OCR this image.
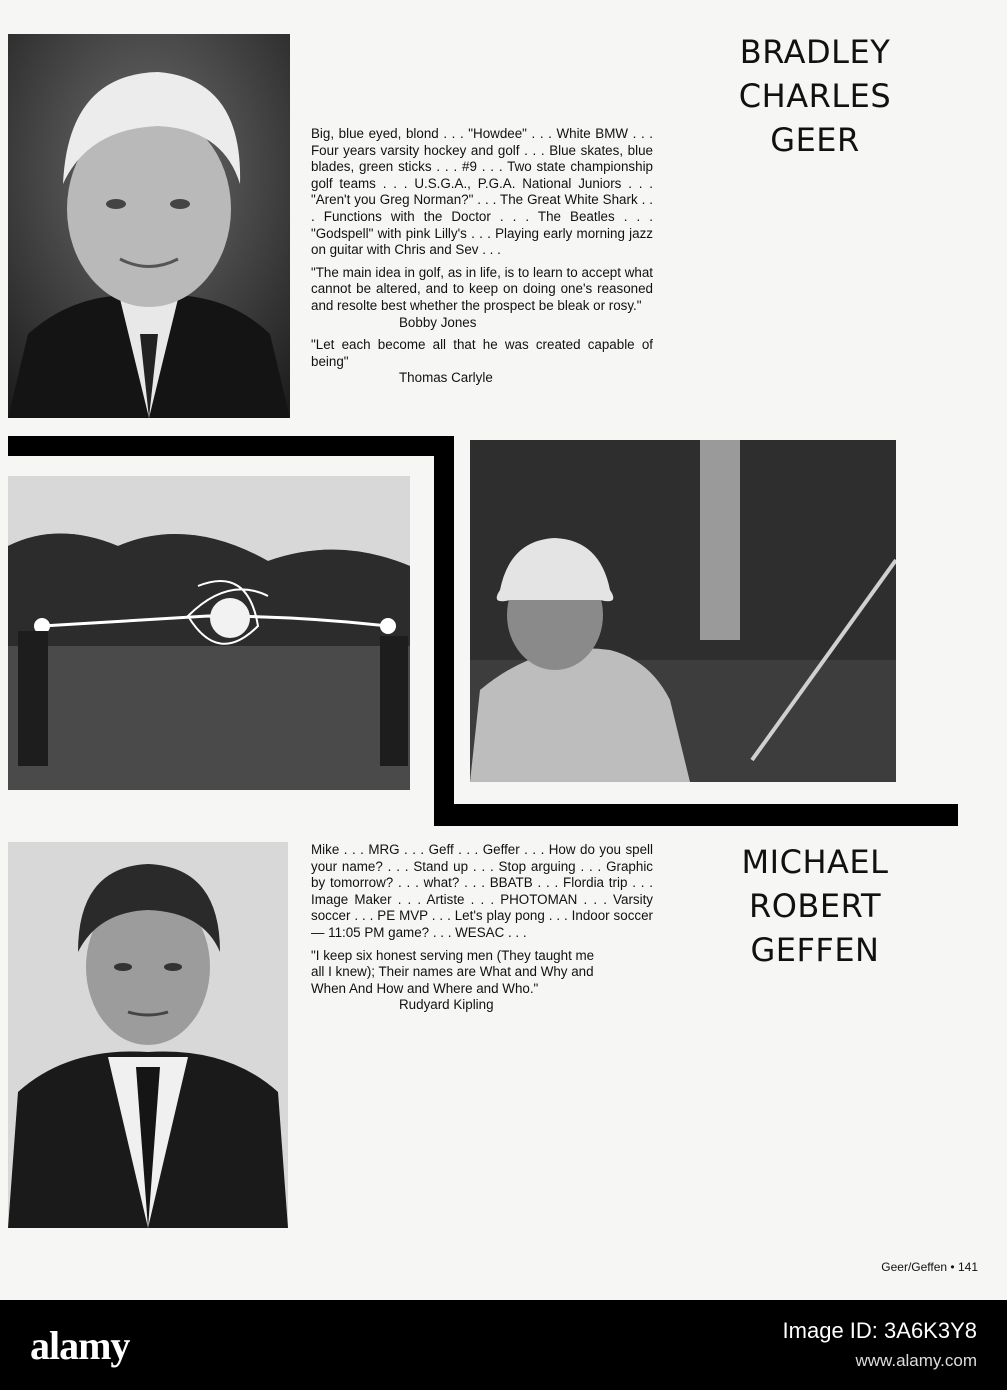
BRADLEY
CHARLES
GEER

Big, blue eyed, blond . . . "Howdee" . . . White BMW . . . Four years varsity hockey and golf . . . Blue skates, blue blades, green sticks . . . #9 . . . Two state championship golf teams . . . U.S.G.A., P.G.A. National Juniors . . . "Aren't you Greg Norman?" . . . The Great White Shark . . . Functions with the Doctor . . . The Beatles . . . "Godspell" with pink Lilly's . . . Playing early morning jazz on guitar with Chris and Sev . . .

"The main idea in golf, as in life, is to learn to accept what cannot be altered, and to keep on doing one's reasoned and resolte best whether the prospect be bleak or rosy."

Bobby Jones

"Let each become all that he was created capable of being"

Thomas Carlyle

Mike . . . MRG . . . Geff . . . Geffer . . . How do you spell your name? . . . Stand up . . . Stop arguing . . . Graphic by tomorrow? . . . what? . . . BBATB . . . Flordia trip . . . Image Maker . . . Artiste . . . PHOTOMAN . . . Varsity soccer . . . PE MVP . . . Let's play pong . . . Indoor soccer — 11:05 PM game? . . . WESAC . . .

"I keep six honest serving men (They taught me all I knew); Their names are What and Why and When And How and Where and Who."

Rudyard Kipling

MICHAEL
ROBERT
GEFFEN
Geer/Geffen • 141
alamy	Image ID: 3A6K3Y8
www.alamy.com
